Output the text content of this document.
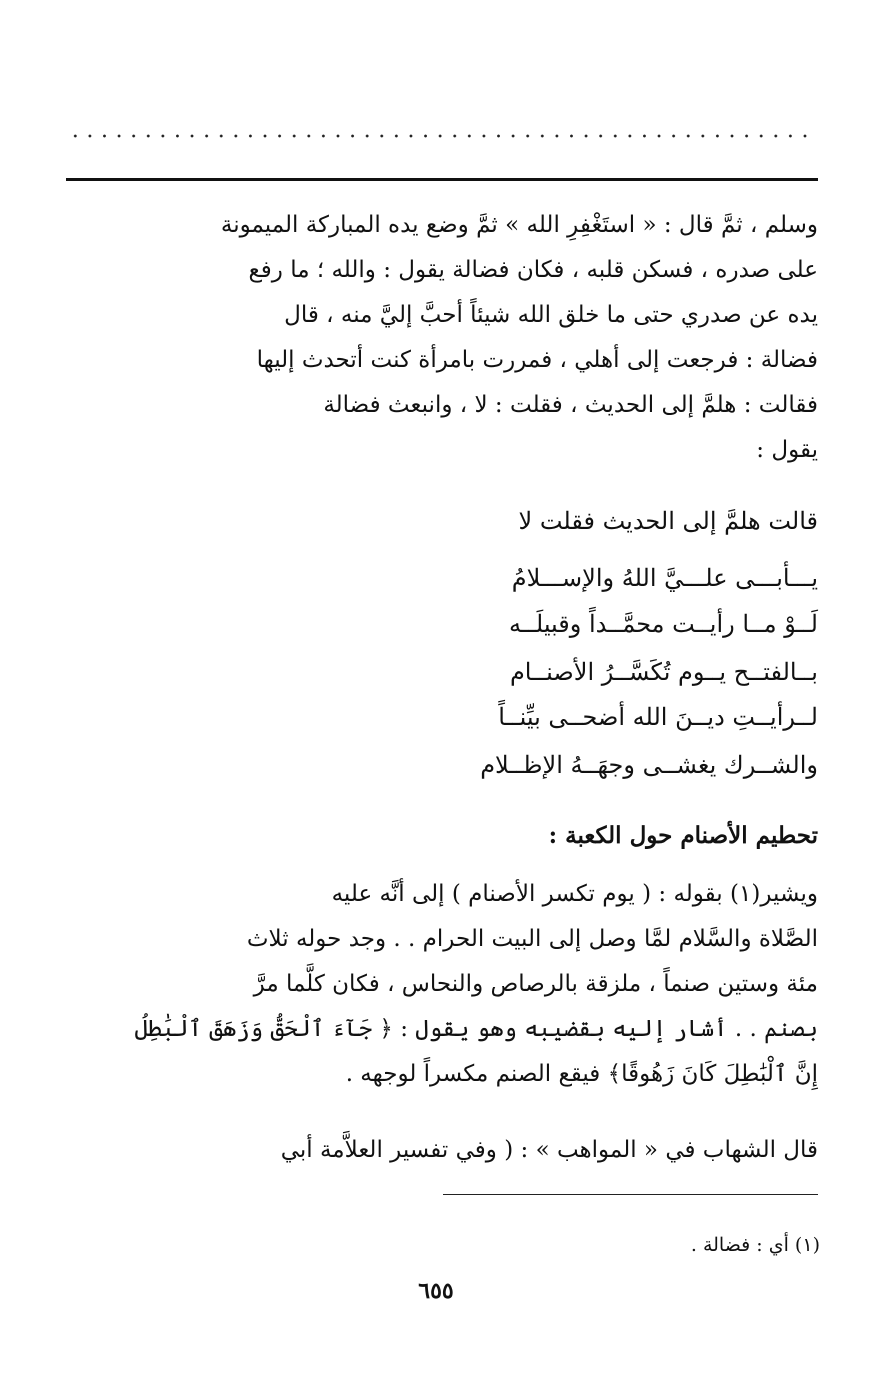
وسلم ، ثمَّ قال : « استَغْفِرِ الله » ثمَّ وضع يده المباركة الميمونة
على صدره ، فسكن قلبه ، فكان فضالة يقول : والله ؛ ما رفع
يده عن صدري حتى ما خلق الله شيئاً أحبَّ إليَّ منه ، قال
فضالة : فرجعت إلى أهلي ، فمررت بامرأة كنت أتحدث إليها
فقالت : هلمَّ إلى الحديث ، فقلت : لا ، وانبعث فضالة
يقول :
قالت هلمَّ إلى الحديث فقلت لا
يـــأبـــى علـــيَّ اللهُ والإســـلامُ
لَــوْ مــا رأيــت محمَّــداً وقبيلَــه
بــالفتــح يــوم تُكَسَّــرُ الأصنــام
لــرأيــتِ ديــنَ الله أضحــى بيِّنــاً
والشــرك يغشــى وجهَــهُ الإظــلام
تحطيم الأصنام حول الكعبة :
ويشير(١) بقوله : ( يوم تكسر الأصنام ) إلى أنَّه عليه
الصَّلاة والسَّلام لمَّا وصل إلى البيت الحرام . . وجد حوله ثلاث
مئة وستين صنماً ، ملزقة بالرصاص والنحاس ، فكان كلَّما مرَّ
بصنم . . أشار إليه بقضيبه وهو يقول : ﴿ جَآءَ ٱلْحَقُّ وَزَهَقَ ٱلْبَٰطِلُ
إِنَّ ٱلْبَٰطِلَ كَانَ زَهُوقًا﴾ فيقع الصنم مكسراً لوجهه .
قال الشهاب في « المواهب » : ( وفي تفسير العلاَّمة أبي
(١) أي : فضالة .
٦٥٥
